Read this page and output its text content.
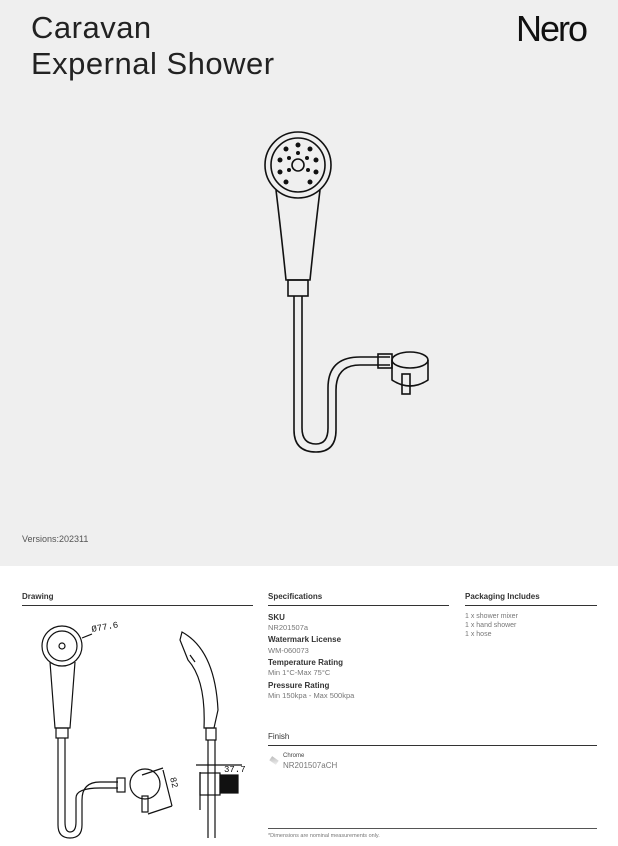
Caravan
Expernal Shower
Nero
Versions:202311
Drawing
Ø77.6
82
37.7
Specifications
SKU
NR201507a
Watermark License
WM-060073
Temperature Rating
Min 1°C-Max 75°C
Pressure Rating
Min 150kpa - Max 500kpa
Packaging Includes
1 x shower mixer
1 x hand shower
1 x hose
Finish
Chrome
NR201507aCH
*Dimensions are nominal measurements only.
